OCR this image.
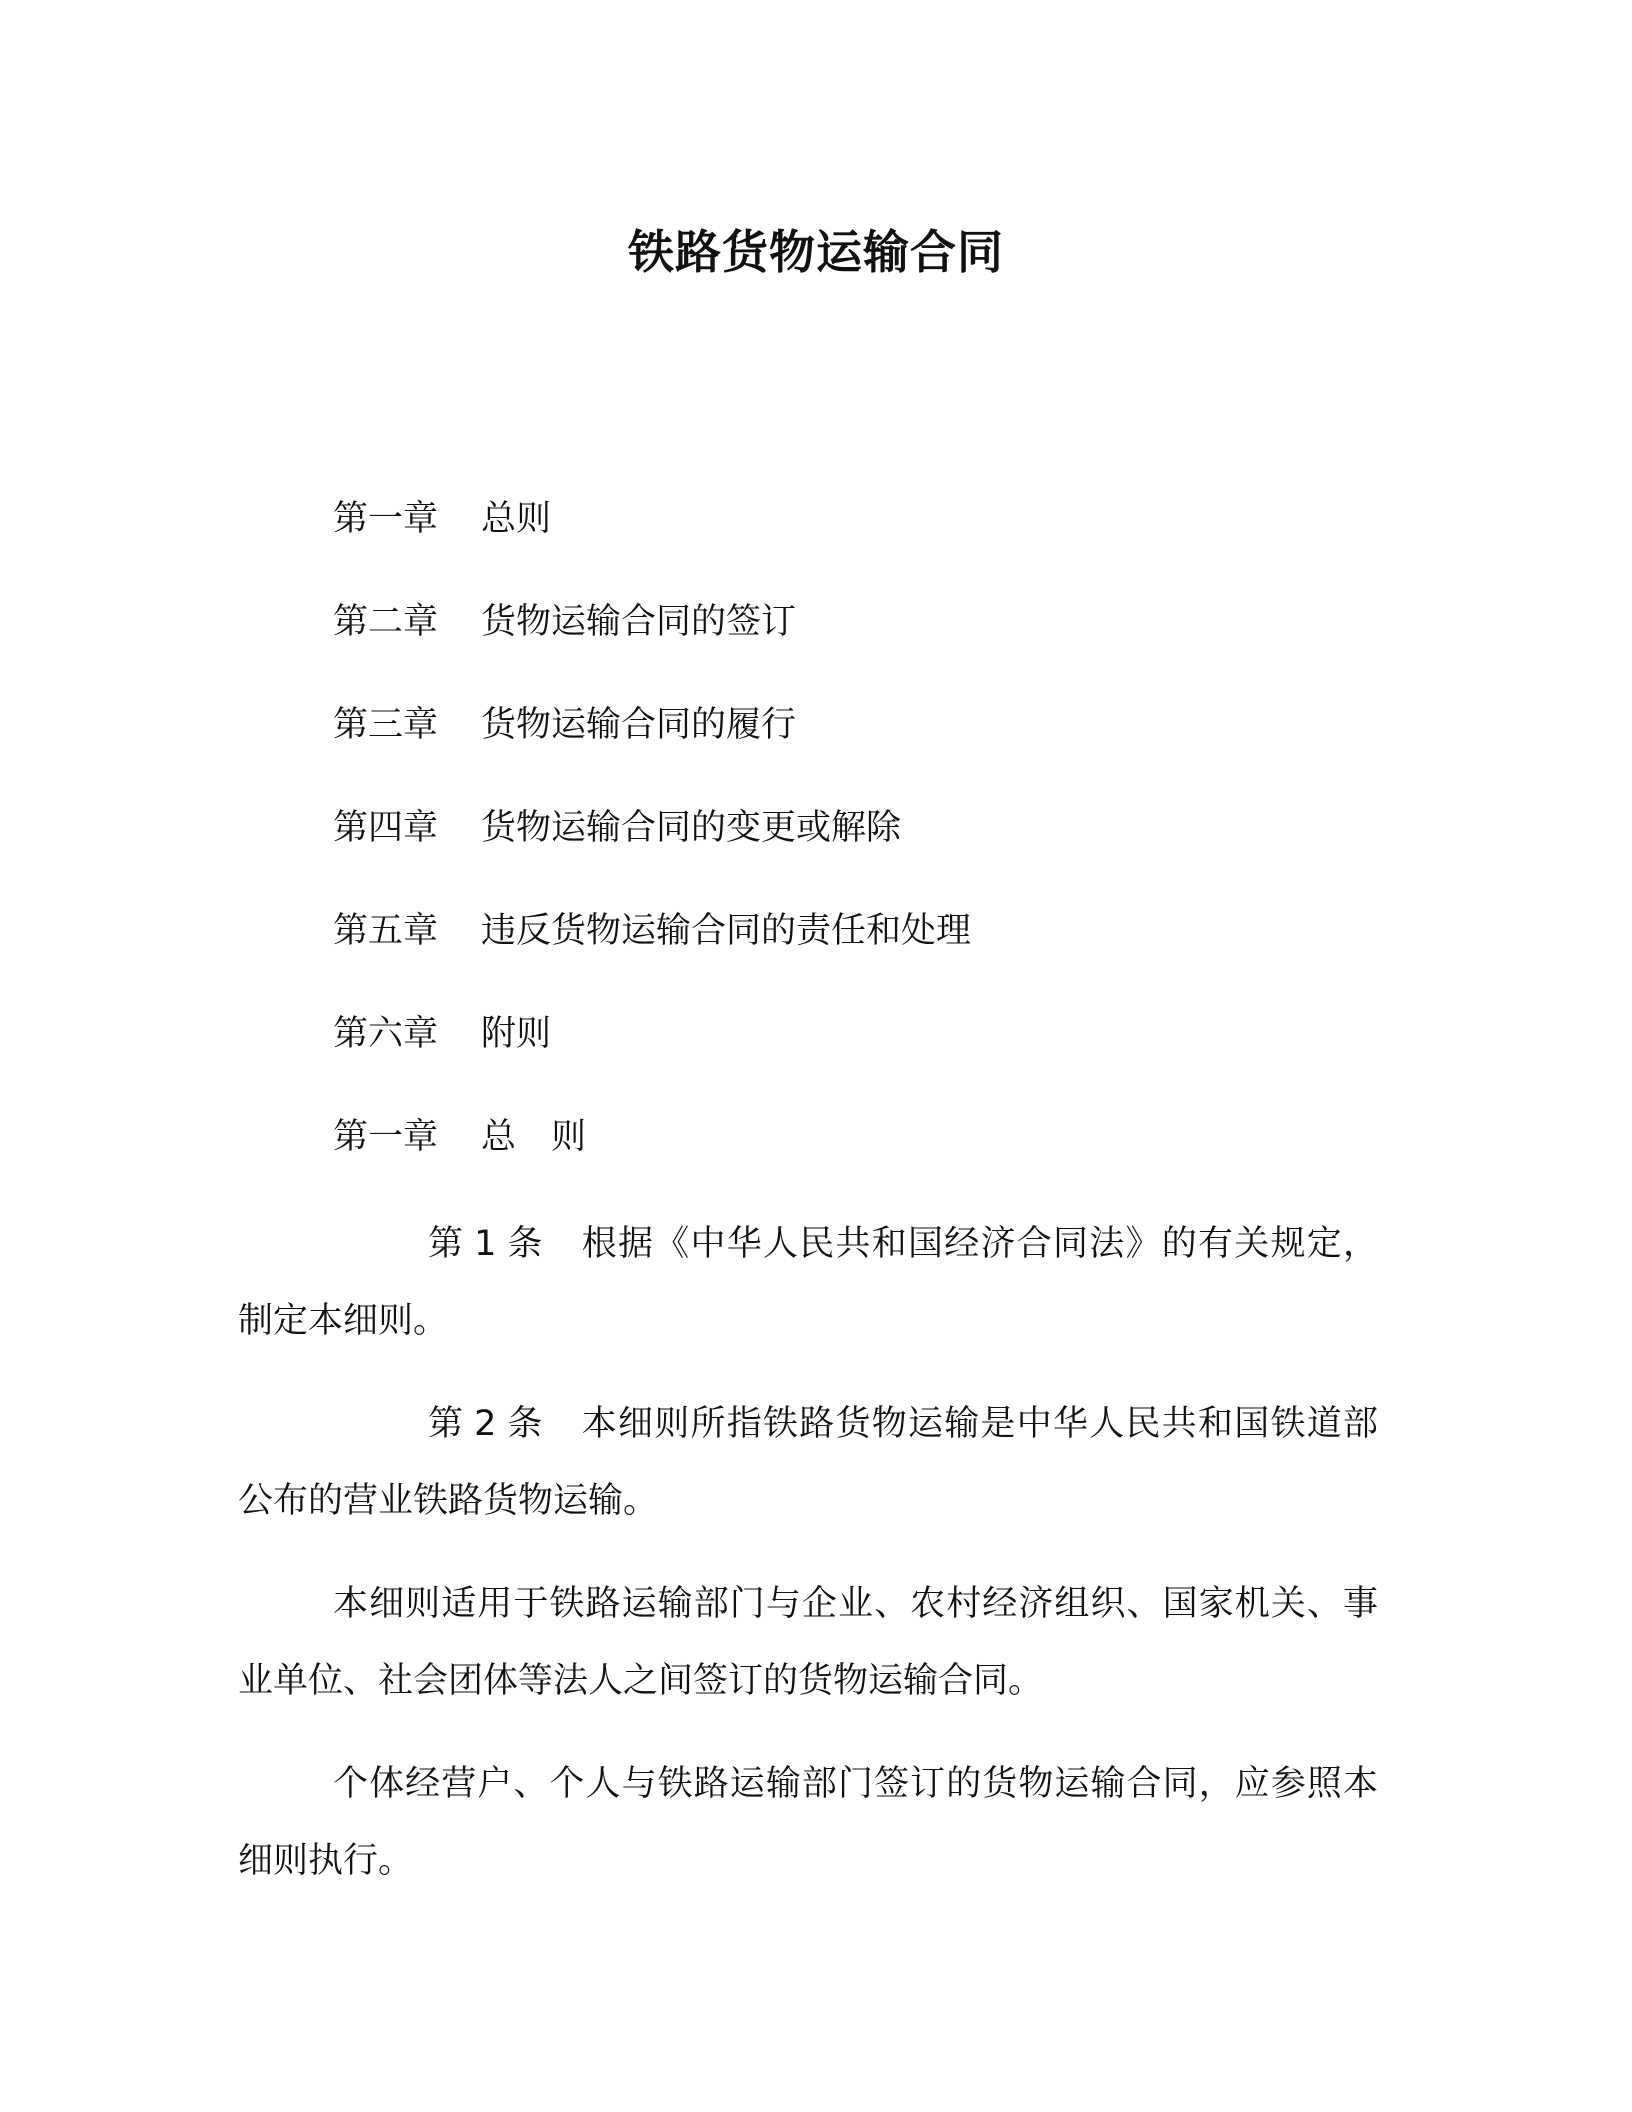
铁路货物运输合同
第一章 总则
第二章 货物运输合同的签订
第三章 货物运输合同的履行
第四章 货物运输合同的变更或解除
第五章 违反货物运输合同的责任和处理
第六章 附则
第一章 总　则
第 1 条 根据《中华人民共和国经济合同法》的有关规定，制定本细则。
第 2 条 本细则所指铁路货物运输是中华人民共和国铁道部公布的营业铁路货物运输。
本细则适用于铁路运输部门与企业、农村经济组织、国家机关、事业单位、社会团体等法人之间签订的货物运输合同。
个体经营户、个人与铁路运输部门签订的货物运输合同，应参照本细则执行。
